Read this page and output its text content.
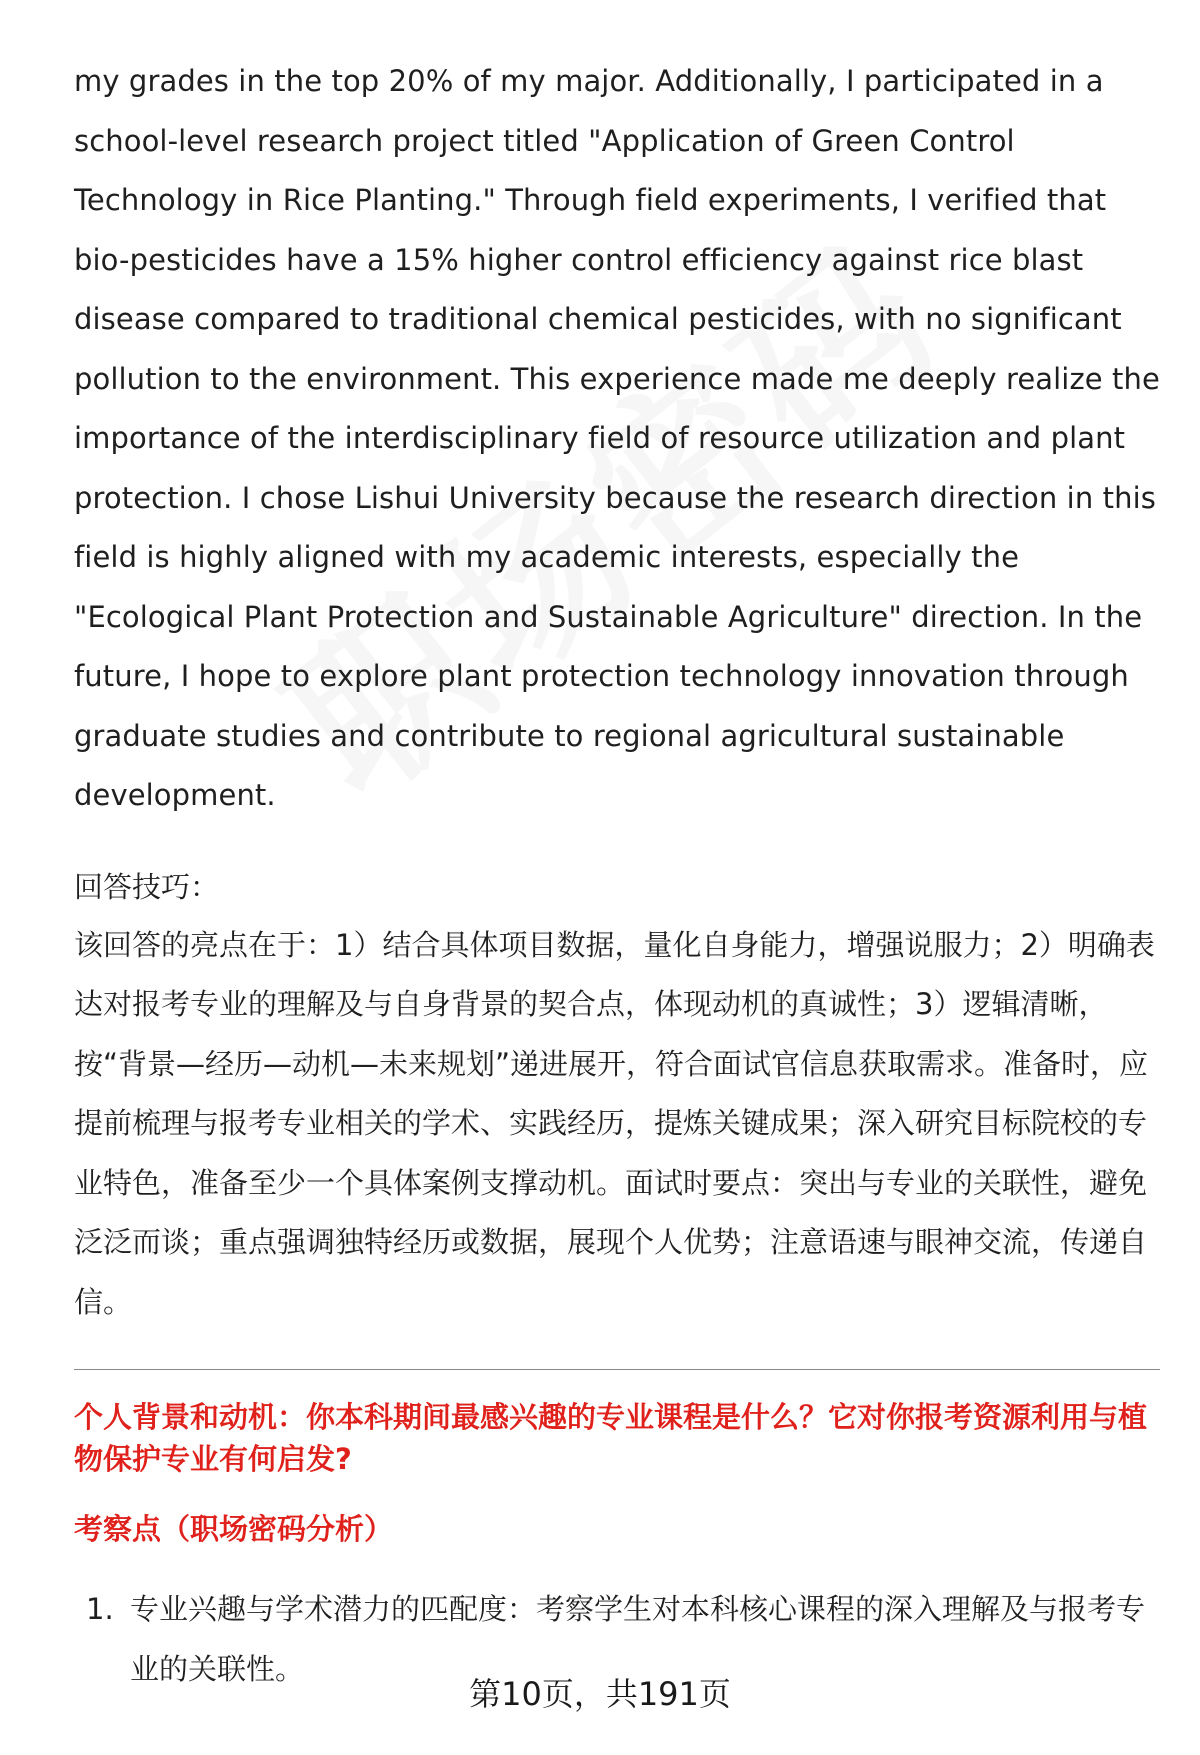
my grades in the top 20% of my major. Additionally, I participated in a school-level research project titled "Application of Green Control Technology in Rice Planting." Through field experiments, I verified that bio-pesticides have a 15% higher control efficiency against rice blast disease compared to traditional chemical pesticides, with no significant pollution to the environment. This experience made me deeply realize the importance of the interdisciplinary field of resource utilization and plant protection. I chose Lishui University because the research direction in this field is highly aligned with my academic interests, especially the "Ecological Plant Protection and Sustainable Agriculture" direction. In the future, I hope to explore plant protection technology innovation through graduate studies and contribute to regional agricultural sustainable development.

回答技巧：

该回答的亮点在于：1）结合具体项目数据，量化自身能力，增强说服力；2）明确表达对报考专业的理解及与自身背景的契合点，体现动机的真诚性；3）逻辑清晰，按“背景—经历—动机—未来规划”递进展开，符合面试官信息获取需求。准备时，应提前梳理与报考专业相关的学术、实践经历，提炼关键成果；深入研究目标院校的专业特色，准备至少一个具体案例支撑动机。面试时要点：突出与专业的关联性，避免泛泛而谈；重点强调独特经历或数据，展现个人优势；注意语速与眼神交流，传递自信。

个人背景和动机：你本科期间最感兴趣的专业课程是什么？它对你报考资源利用与植物保护专业有何启发?

考察点（职场密码分析）

1. 专业兴趣与学术潜力的匹配度：考察学生对本科核心课程的深入理解及与报考专业的关联性。
第10页，共191页
